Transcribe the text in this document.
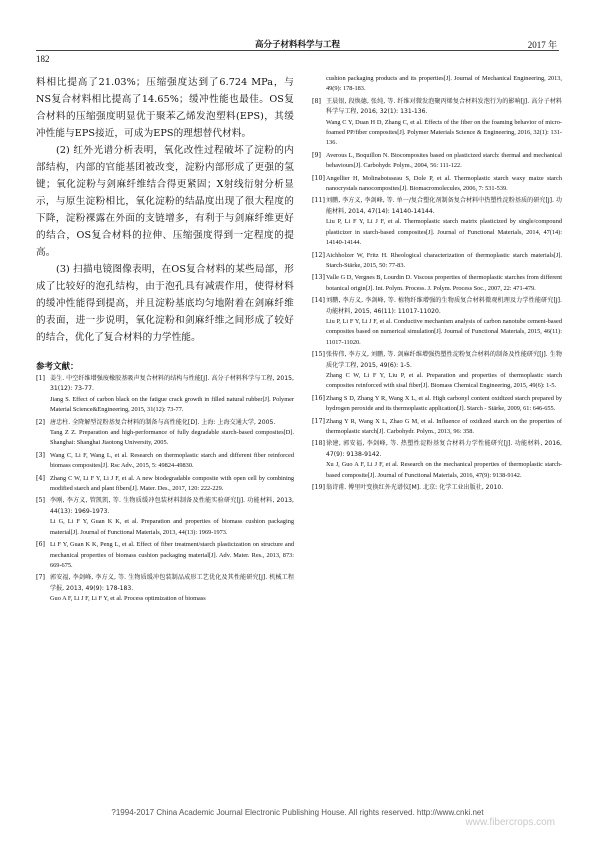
高分子材料科学与工程	2017 年
182

料相比提高了21.03%；压缩强度达到了6.724 MPa，与NS复合材料相比提高了14.65%；缓冲性能也最佳。OS复合材料的压缩强度明显优于聚苯乙烯发泡塑料(EPS)，其缓冲性能与EPS接近，可成为EPS的理想替代材料。

(2) 红外光谱分析表明，氧化改性过程破坏了淀粉的内部结构，内部的官能基团被改变，淀粉内部形成了更强的氢键；氧化淀粉与剑麻纤维结合得更紧固；X射线衍射分析显示，与原生淀粉相比，氧化淀粉的结晶度出现了很大程度的下降，淀粉裸露在外面的支链增多，有利于与剑麻纤维更好的结合，OS复合材料的拉伸、压缩强度得到一定程度的提高。

(3) 扫描电镜图像表明，在OS复合材料的某些局部，形成了比较好的泡孔结构，由于泡孔具有减震作用，使得材料的缓冲性能得到提高，并且淀粉基底均匀地附着在剑麻纤维的表面，进一步说明，氧化淀粉和剑麻纤维之间形成了较好的结合，优化了复合材料的力学性能。

参考文献：
[1] 姜生. 中空纤维增强废橡胶基吸声复合材料的结构与性能[J]. 高分子材料科学与工程, 2015, 31(12): 73-77.
Jiang S. Effect of carbon black on the fatigue crack growth in filled natural rubber[J]. Polymer Material Science&Engineering, 2015, 31(12): 73-77.
[2] 唐忠柱. 全降解型淀粉基复合材料的制备与高性能化[D]. 上海: 上海交通大学, 2005.
Tang Z Z. Preparation and high-performance of fully degradable starch-based composites[D]. Shanghai: Shanghai Jiaotong University, 2005.
[3] Wang C, Li F, Wang L, et al. Research on thermoplastic starch and different fiber reinforced biomass composites[J]. Rsc Adv., 2015, 5: 49824-49830.
[4] Zhang C W, Li F Y, Li J F, et al. A new biodegradable composite with open cell by combining modified starch and plant fibers[J]. Mater. Des., 2017, 120: 222-229.
[5] 李刚, 李方义, 管凯凯, 等. 生物质缓冲包装材料制备及性能实验研究[J]. 功能材料, 2013, 44(13): 1969-1973.
Li G, Li F Y, Guan K K, et al. Preparation and properties of biomass cushion packaging material[J]. Journal of Functional Materials, 2013, 44(13): 1969-1973.
[6] Li F Y, Guan K K, Peng L, et al. Effect of fiber treatment/starch plasticization on structure and mechanical properties of biomass cushion packaging material[J]. Adv. Mater. Res., 2013, 873: 669-675.
[7] 郭安福, 李剑峰, 李方义, 等. 生物质缓冲包装制品成形工艺优化及其性能研究[J]. 机械工程学报, 2013, 49(9): 178-183.
Guo A F, Li J F, Li F Y, et al. Process optimization of biomass
cushion packaging products and its properties[J]. Journal of Mechanical Engineering, 2013, 49(9): 178-183.
[8] 王晨银, 段焕德, 张纯, 等. 纤维对微发泡聚丙烯复合材料发泡行为的影响[J]. 高分子材料科学与工程, 2016, 32(1): 131-136.
Wang C Y, Duan H D, Zhang C, et al. Effects of the fiber on the foaming behavior of micro-foamed PP/fiber composites[J]. Polymer Materials Science & Engineering, 2016, 32(1): 131-136.
[9] Averous L, Boquillon N. Biocomposites based on plasticized starch: thermal and mechanical behaviours[J]. Carbohydr. Polym., 2004, 56: 111-122.
[10] Angellier H, Molinaboisseau S, Dole P, et al. Thermoplastic starch waxy maize starch nanocrystals nanocomposites[J]. Biomacromolecules, 2006, 7: 531-539.
[11] 刘鹏, 李方义, 李剑峰, 等. 单一/复合塑化剂制备复合材料中热塑性淀粉基质的研究[J]. 功能材料, 2014, 47(14): 14140-14144.
Liu P, Li F Y, Li J F, et al. Thermoplastic starch matrix plasticized by single/compound plasticizer in starch-based composites[J]. Journal of Functional Materials, 2014, 47(14): 14140-14144.
[12] Aichholzer W, Fritz H. Rheological characterization of thermoplastic starch materials[J]. Starch-Stärke, 2015, 50: 77-83.
[13] Valle G D, Vergnes B, Lourdin D. Viscous properties of thermoplastic starches from different botanical origin[J]. Int. Polym. Process. J. Polym. Process Soc., 2007, 22: 471-479.
[14] 刘鹏, 李方义, 李剑峰, 等. 植物纤维增强的生物质复合材料微观机理及力学性能研究[J]. 功能材料, 2015, 46(11): 11017-11020.
Liu P, Li F Y, Li J F, et al. Conductive mechanism analysis of carbon nanotube cement-based composites based on numerical simulation[J]. Journal of Functional Materials, 2015, 46(11): 11017-11020.
[15] 张传伟, 李方义, 刘鹏, 等. 剑麻纤维增强热塑性淀粉复合材料的制备及性能研究[J]. 生物质化学工程, 2015, 49(6): 1-5.
Zhang C W, Li F Y, Liu P, et al. Preparation and properties of thermoplastic starch composites reinforced with sisal fiber[J]. Biomass Chemical Engineering, 2015, 49(6): 1-5.
[16] Zhang S D, Zhang Y R, Wang X L, et al. High carbonyl content oxidized starch prepared by hydrogen peroxide and its thermoplastic application[J]. Starch - Stärke, 2009, 61: 646-655.
[17] Zhang Y R, Wang X L, Zhao G M, et al. Influence of oxidized starch on the properties of thermoplastic starch[J]. Carbohydr. Polym., 2013, 96: 358.
[18] 徐建, 郭安福, 李剑峰, 等. 热塑性淀粉基复合材料力学性能研究[J]. 功能材料, 2016, 47(9): 9138-9142.
Xu J, Guo A F, Li J F, et al. Research on the mechanical properties of thermoplastic starch-based composite[J]. Journal of Functional Materials, 2016, 47(9): 9138-9142.
[19] 翁诗甫. 傅里叶变换红外光谱仪[M]. 北京: 化学工业出版社, 2010.
?1994-2017 China Academic Journal Electronic Publishing House. All rights reserved. http://www.cnki.net
www.fibercrops.com
